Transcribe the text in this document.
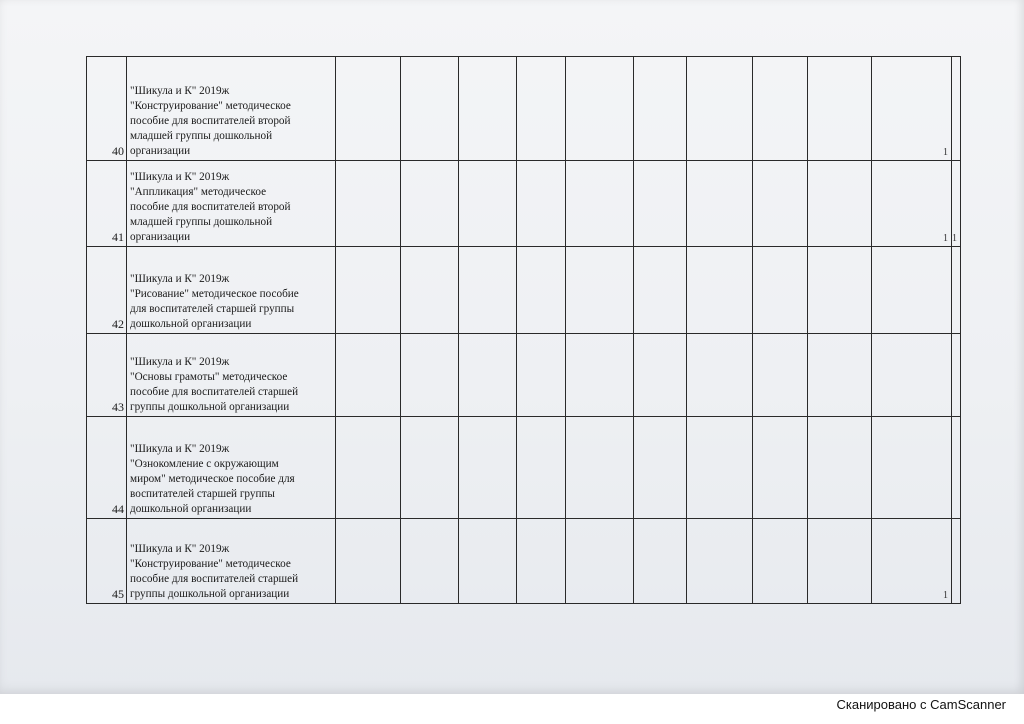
40	"Шикула и К" 2019ж
"Конструирование" методическое
пособие для воспитателей второй
младшей группы дошкольной
организации										1	
41	"Шикула и К" 2019ж
"Аппликация" методическое
пособие для воспитателей второй
младшей группы дошкольной
организации										1	1
42	"Шикула и К" 2019ж
"Рисование" методическое пособие
для воспитателей старшей группы
дошкольной организации											

43	"Шикула и К" 2019ж
"Основы грамоты" методическое
пособие для воспитателей старшей
группы дошкольной организации											

44	"Шикула и К" 2019ж
"Ознокомление с окружающим
миром" методическое пособие для
воспитателей старшей группы
дошкольной организации											

45	"Шикула и К" 2019ж
"Конструирование" методическое
пособие для воспитателей старшей
группы дошкольной организации										1	
Сканировано с CamScanner
